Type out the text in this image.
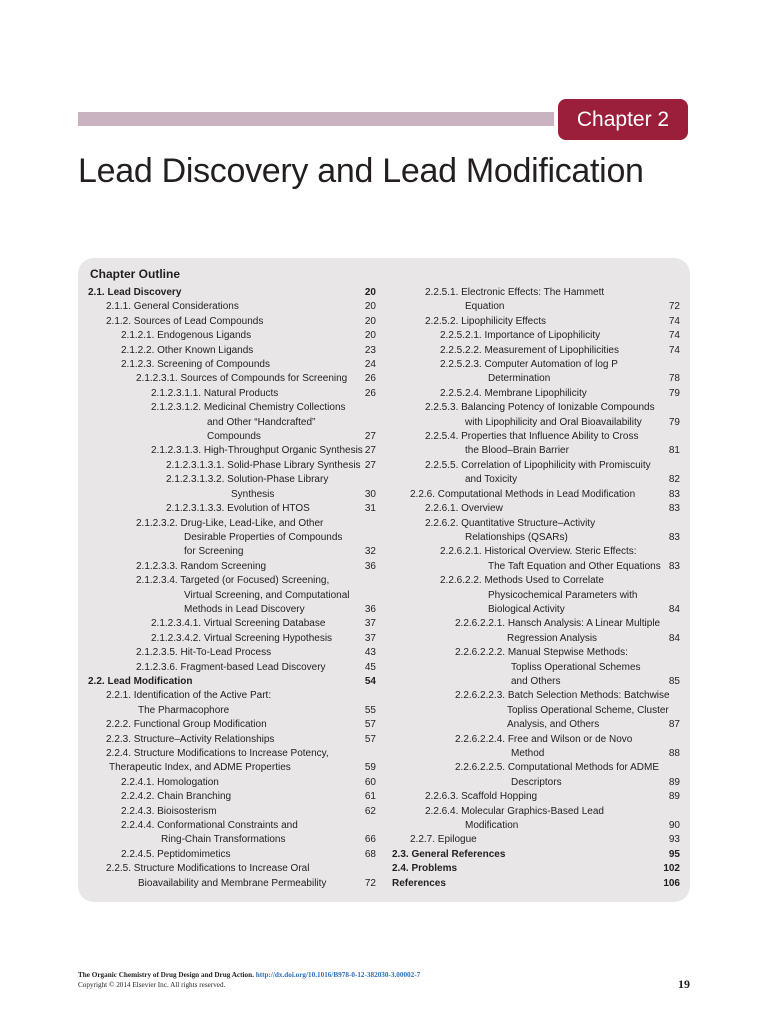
Chapter 2
Lead Discovery and Lead Modification
Chapter Outline
2.1. Lead Discovery	20
2.1.1. General Considerations	20
2.1.2. Sources of Lead Compounds	20
2.1.2.1. Endogenous Ligands	20
2.1.2.2. Other Known Ligands	23
2.1.2.3. Screening of Compounds	24
2.1.2.3.1. Sources of Compounds for Screening	26
2.1.2.3.1.1. Natural Products	26
2.1.2.3.1.2. Medicinal Chemistry Collections
and Other “Handcrafted”
Compounds	27
2.1.2.3.1.3. High-Throughput Organic Synthesis 27
2.1.2.3.1.3.1. Solid-Phase Library Synthesis 27
2.1.2.3.1.3.2. Solution-Phase Library
Synthesis	30
2.1.2.3.1.3.3. Evolution of HTOS	31
2.1.2.3.2. Drug-Like, Lead-Like, and Other
Desirable Properties of Compounds
for Screening	32
2.1.2.3.3. Random Screening	36
2.1.2.3.4. Targeted (or Focused) Screening,
Virtual Screening, and Computational
Methods in Lead Discovery	36
2.1.2.3.4.1. Virtual Screening Database	37
2.1.2.3.4.2. Virtual Screening Hypothesis	37
2.1.2.3.5. Hit-To-Lead Process	43
2.1.2.3.6. Fragment-based Lead Discovery	45
2.2. Lead Modification	54
2.2.1. Identification of the Active Part:
The Pharmacophore	55
2.2.2. Functional Group Modification	57
2.2.3. Structure–Activity Relationships	57
2.2.4. Structure Modifications to Increase Potency,
Therapeutic Index, and ADME Properties	59
2.2.4.1. Homologation	60
2.2.4.2. Chain Branching	61
2.2.4.3. Bioisosterism	62
2.2.4.4. Conformational Constraints and
Ring-Chain Transformations	66
2.2.4.5. Peptidomimetics	68
2.2.5. Structure Modifications to Increase Oral
Bioavailability and Membrane Permeability	72
2.2.5.1. Electronic Effects: The Hammett
Equation	72
2.2.5.2. Lipophilicity Effects	74
2.2.5.2.1. Importance of Lipophilicity	74
2.2.5.2.2. Measurement of Lipophilicities	74
2.2.5.2.3. Computer Automation of log P
Determination	78
2.2.5.2.4. Membrane Lipophilicity	79
2.2.5.3. Balancing Potency of Ionizable Compounds
with Lipophilicity and Oral Bioavailability	79
2.2.5.4. Properties that Influence Ability to Cross
the Blood–Brain Barrier	81
2.2.5.5. Correlation of Lipophilicity with Promiscuity
and Toxicity	82
2.2.6. Computational Methods in Lead Modification	83
2.2.6.1. Overview	83
2.2.6.2. Quantitative Structure–Activity
Relationships (QSARs)	83
2.2.6.2.1. Historical Overview. Steric Effects:
The Taft Equation and Other Equations 83
2.2.6.2.2. Methods Used to Correlate
Physicochemical Parameters with
Biological Activity	84
2.2.6.2.2.1. Hansch Analysis: A Linear Multiple
Regression Analysis	84
2.2.6.2.2.2. Manual Stepwise Methods:
Topliss Operational Schemes
and Others	85
2.2.6.2.2.3. Batch Selection Methods: Batchwise
Topliss Operational Scheme, Cluster
Analysis, and Others	87
2.2.6.2.2.4. Free and Wilson or de Novo
Method	88
2.2.6.2.2.5. Computational Methods for ADME
Descriptors	89
2.2.6.3. Scaffold Hopping	89
2.2.6.4. Molecular Graphics-Based Lead
Modification	90
2.2.7. Epilogue	93
2.3. General References	95
2.4. Problems	102
References	106
The Organic Chemistry of Drug Design and Drug Action. http://dx.doi.org/10.1016/B978-0-12-382030-3.00002-7
Copyright © 2014 Elsevier Inc. All rights reserved.	19
